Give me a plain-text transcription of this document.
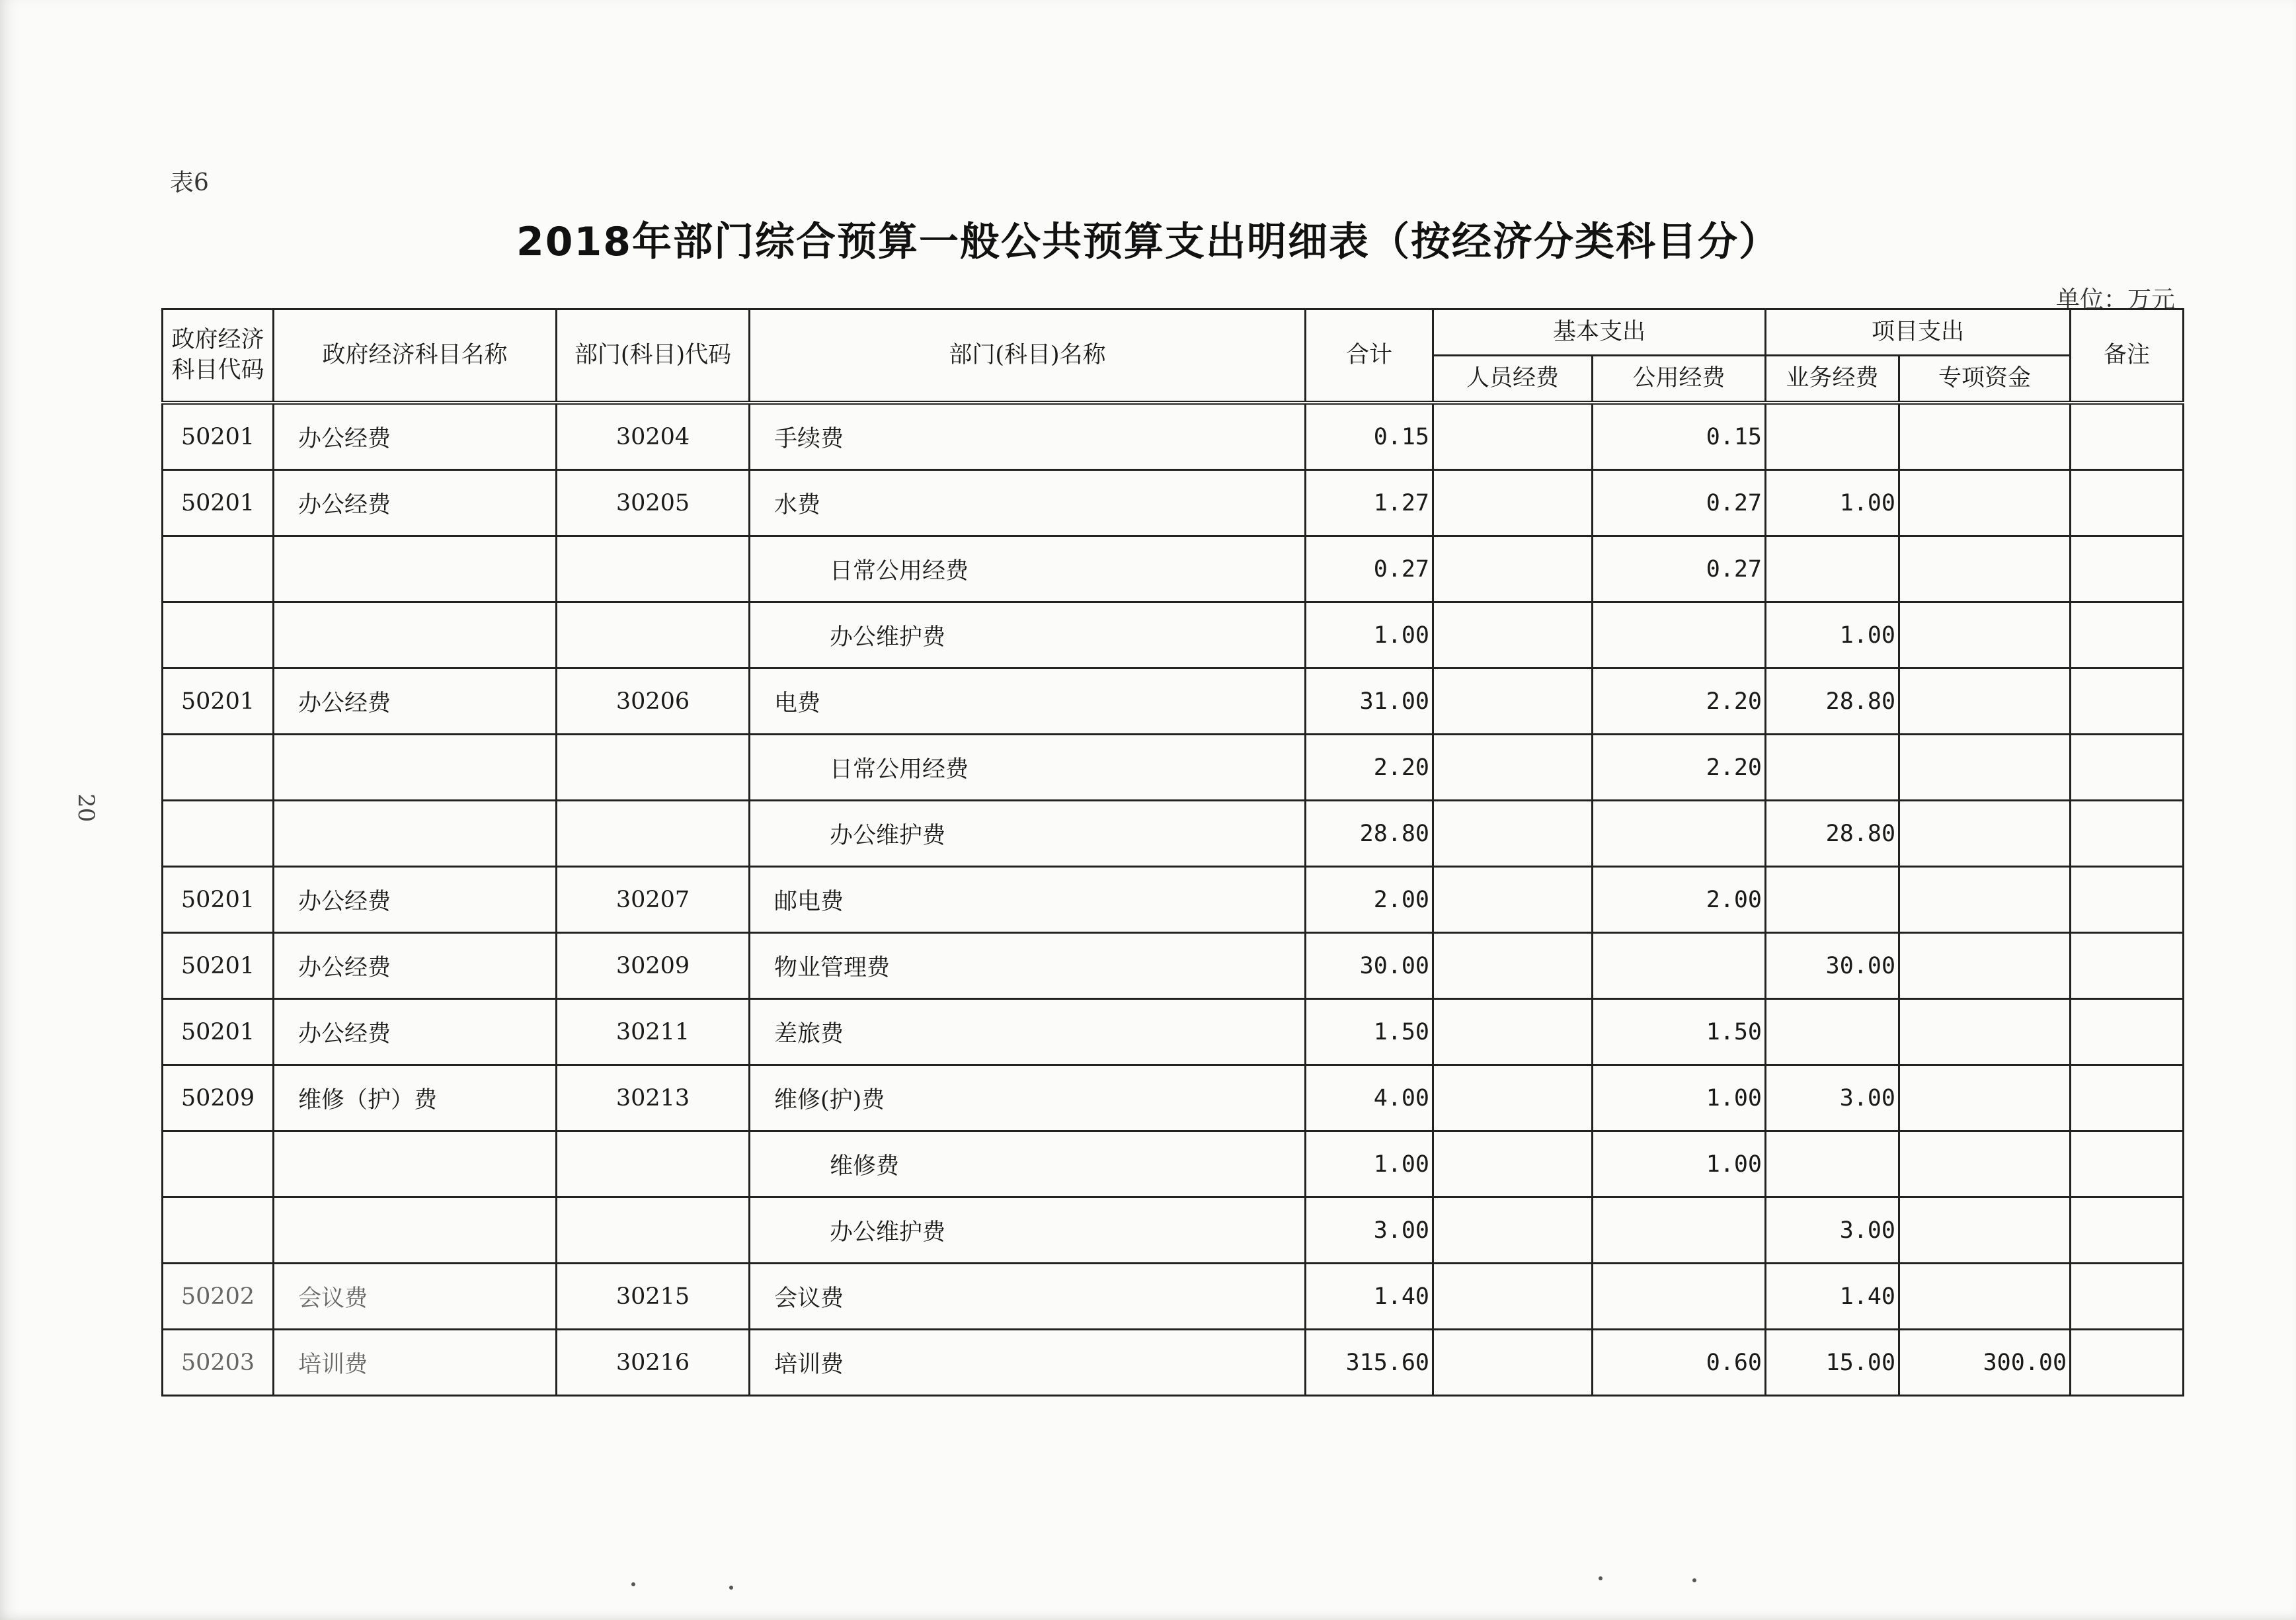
表6
2018年部门综合预算一般公共预算支出明细表（按经济分类科目分）
单位：万元
20
政府经济科目代码	政府经济科目名称	部门(科目)代码	部门(科目)名称	合计	基本支出		项目支出		备注
					人员经费	公用经费	业务经费	专项资金	
50201	办公经费	30204	手续费	0.15		0.15			
50201	办公经费	30205	水费	1.27		0.27	1.00		
			日常公用经费	0.27		0.27			
			办公维护费	1.00			1.00		
50201	办公经费	30206	电费	31.00		2.20	28.80		
			日常公用经费	2.20		2.20			
			办公维护费	28.80			28.80		
50201	办公经费	30207	邮电费	2.00		2.00			
50201	办公经费	30209	物业管理费	30.00			30.00		
50201	办公经费	30211	差旅费	1.50		1.50			
50209	维修（护）费	30213	维修(护)费	4.00		1.00	3.00		
			维修费	1.00		1.00			
			办公维护费	3.00			3.00		
50202	会议费	30215	会议费	1.40			1.40		
50203	培训费	30216	培训费	315.60		0.60	15.00	300.00	
